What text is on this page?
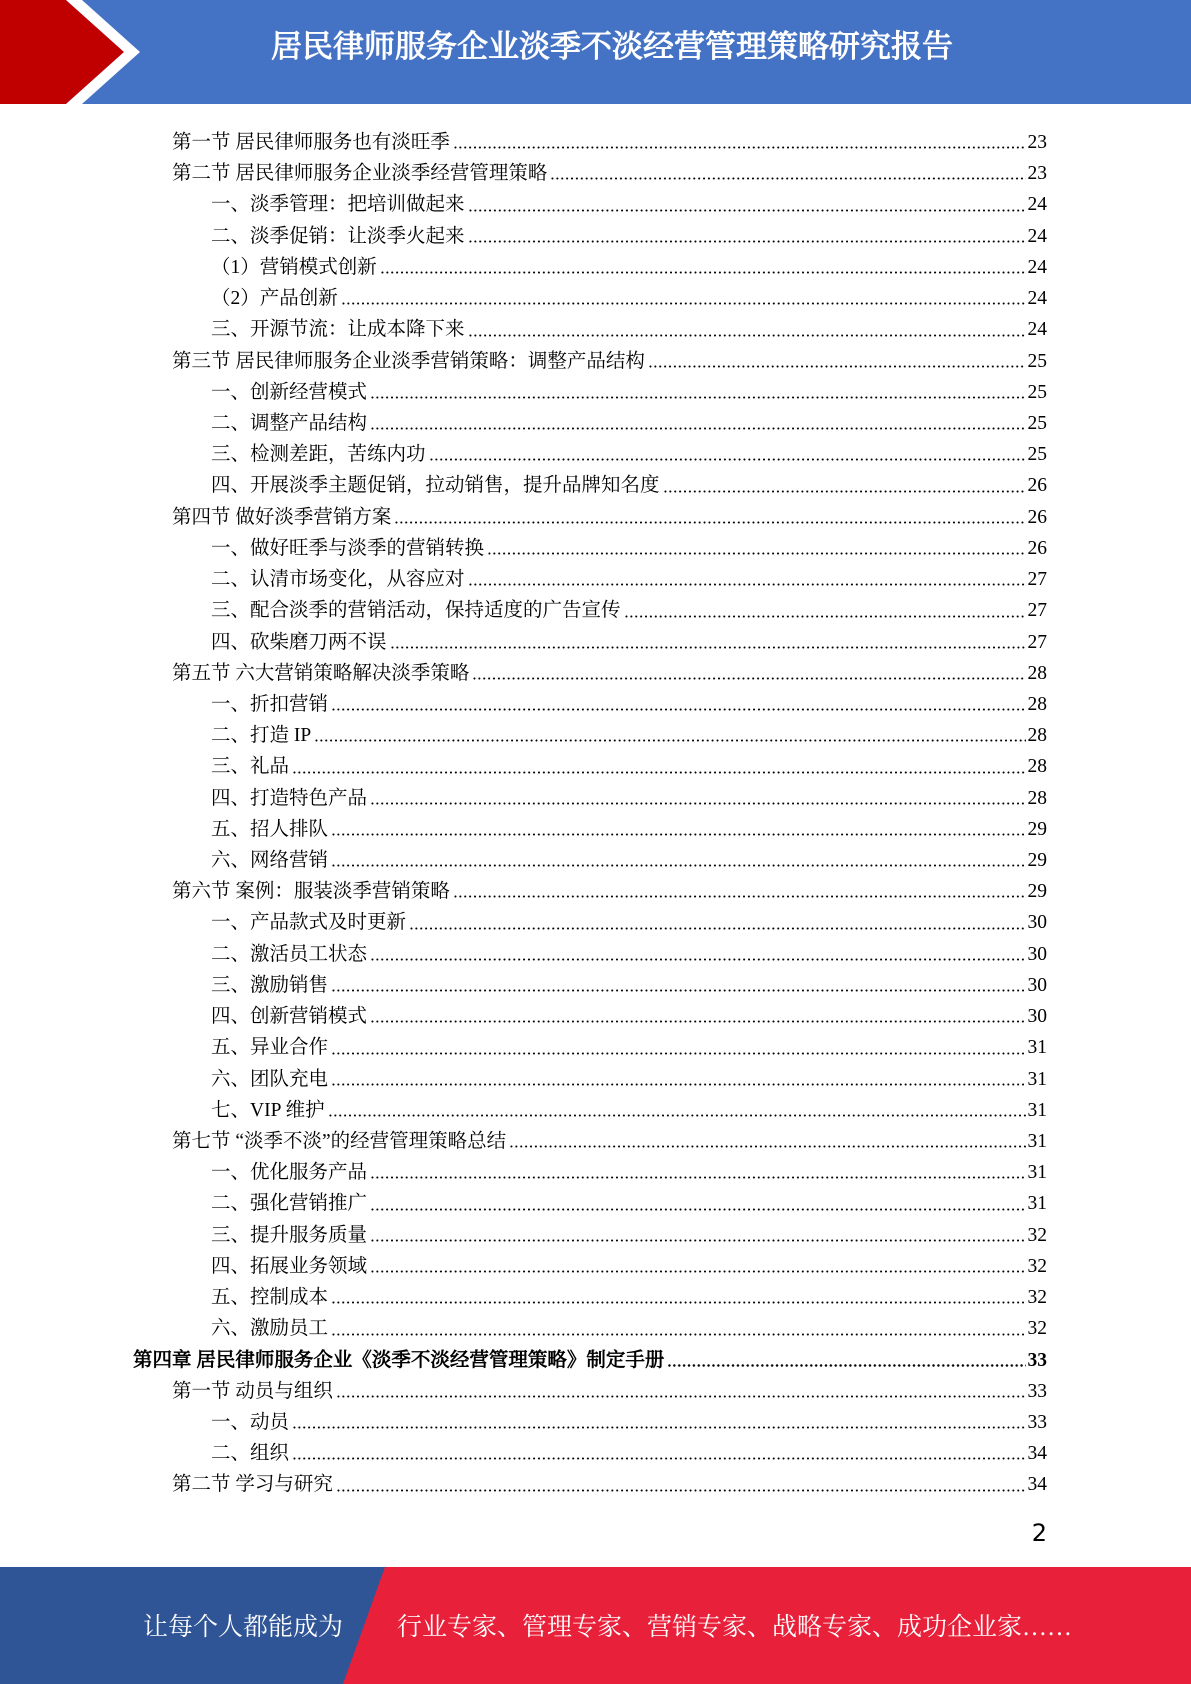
居民律师服务企业淡季不淡经营管理策略研究报告
第一节 居民律师服务也有淡旺季	23
第二节 居民律师服务企业淡季经营管理策略	23
一、淡季管理：把培训做起来	24
二、淡季促销：让淡季火起来	24
（1）营销模式创新	24
（2）产品创新	24
三、开源节流：让成本降下来	24
第三节 居民律师服务企业淡季营销策略：调整产品结构	25
一、创新经营模式	25
二、调整产品结构	25
三、检测差距，苦练内功	25
四、开展淡季主题促销，拉动销售，提升品牌知名度	26
第四节 做好淡季营销方案	26
一、做好旺季与淡季的营销转换	26
二、认清市场变化，从容应对	27
三、配合淡季的营销活动，保持适度的广告宣传	27
四、砍柴磨刀两不误	27
第五节 六大营销策略解决淡季策略	28
一、折扣营销	28
二、打造 IP	28
三、礼品	28
四、打造特色产品	28
五、招人排队	29
六、网络营销	29
第六节 案例：服装淡季营销策略	29
一、产品款式及时更新	30
二、激活员工状态	30
三、激励销售	30
四、创新营销模式	30
五、异业合作	31
六、团队充电	31
七、VIP 维护	31
第七节 “淡季不淡”的经营管理策略总结	31
一、优化服务产品	31
二、强化营销推广	31
三、提升服务质量	32
四、拓展业务领域	32
五、控制成本	32
六、激励员工	32
第四章 居民律师服务企业《淡季不淡经营管理策略》制定手册	33
第一节 动员与组织	33
一、动员	33
二、组织	34
第二节 学习与研究	34
2
让每个人都能成为 行业专家、管理专家、营销专家、战略专家、成功企业家……
